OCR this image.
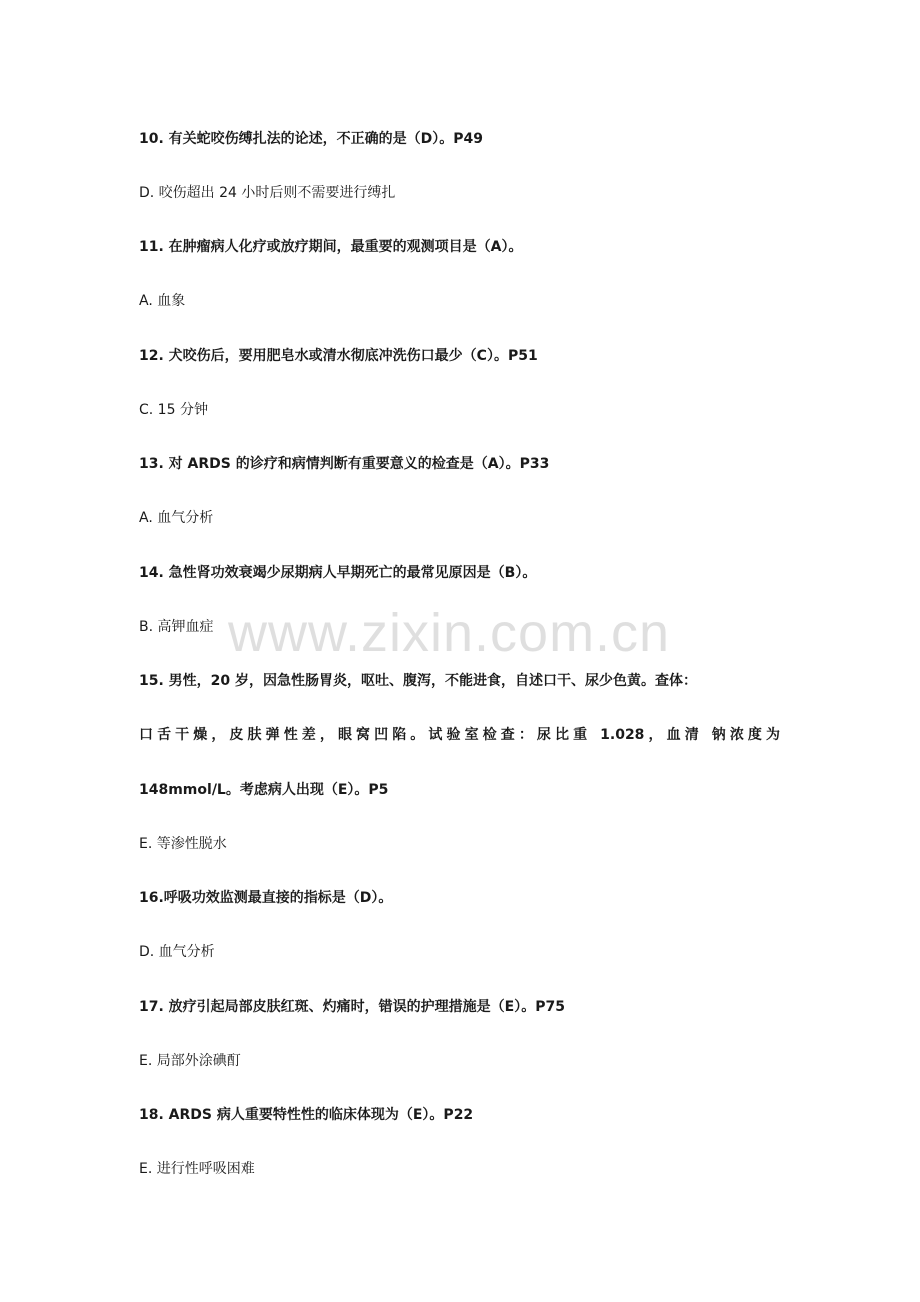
10. 有关蛇咬伤缚扎法的论述，不正确的是（D）。P49
D. 咬伤超出 24 小时后则不需要进行缚扎
11. 在肿瘤病人化疗或放疗期间，最重要的观测项目是（A）。
A. 血象
12. 犬咬伤后，要用肥皂水或清水彻底冲洗伤口最少（C）。P51
C. 15 分钟
13. 对 ARDS 的诊疗和病情判断有重要意义的检查是（A）。P33
A. 血气分析
14. 急性肾功效衰竭少尿期病人早期死亡的最常见原因是（B）。
B. 高钾血症
15. 男性，20 岁，因急性肠胃炎，呕吐、腹泻，不能进食，自述口干、尿少色黄。查体：
口舌干燥，皮肤弹性差，眼窝凹陷。试验室检查：尿比重 1.028，血清 钠浓度为
148mmol/L。考虑病人出现（E）。P5
E. 等渗性脱水
16.呼吸功效监测最直接的指标是（D）。
D. 血气分析
17. 放疗引起局部皮肤红斑、灼痛时，错误的护理措施是（E）。P75
E. 局部外涂碘酊
18. ARDS 病人重要特性性的临床体现为（E）。P22
E. 进行性呼吸困难
www.zixin.com.cn
